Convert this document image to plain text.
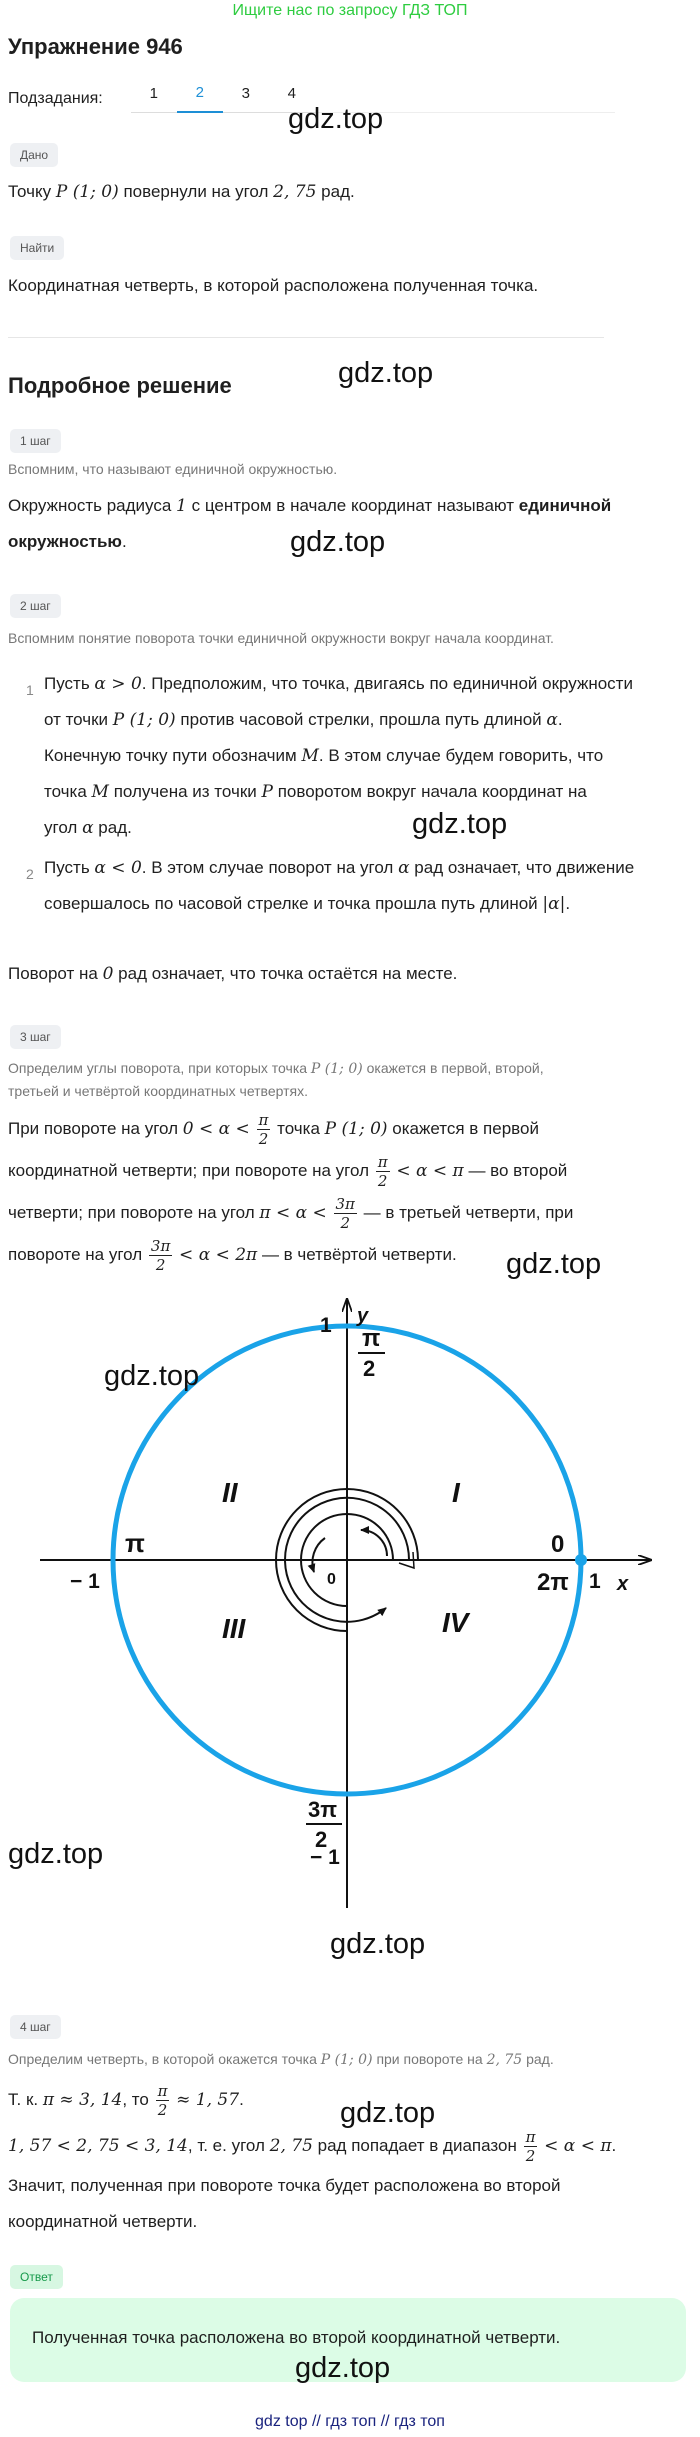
Ищите нас по запросу ГДЗ ТОП
Упражнение 946
Подзадания:	1	2	3	4
gdz.top
Дано
Точку P (1; 0) повернули на угол 2, 75 рад.
Найти
Координатная четверть, в которой расположена полученная точка.
Подробное решение	gdz.top
1 шаг
Вспомним, что называют единичной окружностью.
Окружность радиуса 1 с центром в начале координат называют единичной
окружностью.	gdz.top
2 шаг
Вспомним понятие поворота точки единичной окружности вокруг начала координат.
1 Пусть α > 0. Предположим, что точка, двигаясь по единичной окружности
от точки P (1; 0) против часовой стрелки, прошла путь длиной α.
Конечную точку пути обозначим M. В этом случае будем говорить, что
точка M получена из точки P поворотом вокруг начала координат на
угол α рад.	gdz.top
2 Пусть α < 0. В этом случае поворот на угол α рад означает, что движение
совершалось по часовой стрелке и точка прошла путь длиной |α|.
Поворот на 0 рад означает, что точка остаётся на месте.
3 шаг
Определим углы поворота, при которых точка P (1; 0) окажется в первой, второй,
третьей и четвёртой координатных четвертях.
При повороте на угол $0 < \alpha < \frac{\pi}{2}$ точка P (1; 0) окажется в первой
координатной четверти; при повороте на угол $\frac{\pi}{2} < \alpha < \pi$ — во второй
четверти; при повороте на угол $\pi < \alpha < \frac{3\pi}{2}$ — в третьей четверти, при
повороте на угол $\frac{3\pi}{2} < \alpha < 2\pi$ — в четвёртой четверти.	gdz.top
y
x
1
1
− 1
− 1
0
0
2π
π
π
2
3π
2
I
II
III	IV
gdz.top
gdz.top
gdz.top
4 шаг
Определим четверть, в которой окажется точка P (1; 0) при повороте на 2, 75 рад.
Т. к. π ≈ 3, 14, то $\frac{\pi}{2} \approx 1$, 57.
1, 57 < 2, 75 < 3, 14, т. е. угол 2, 75 рад попадает в диапазон $\frac{\pi}{2} < \alpha < \pi$.
gdz.top
Значит, полученная при повороте точка будет расположена во второй
координатной четверти.
Ответ
Полученная точка расположена во второй координатной четверти.
gdz.top
gdz top // гдз топ // гдз топ
